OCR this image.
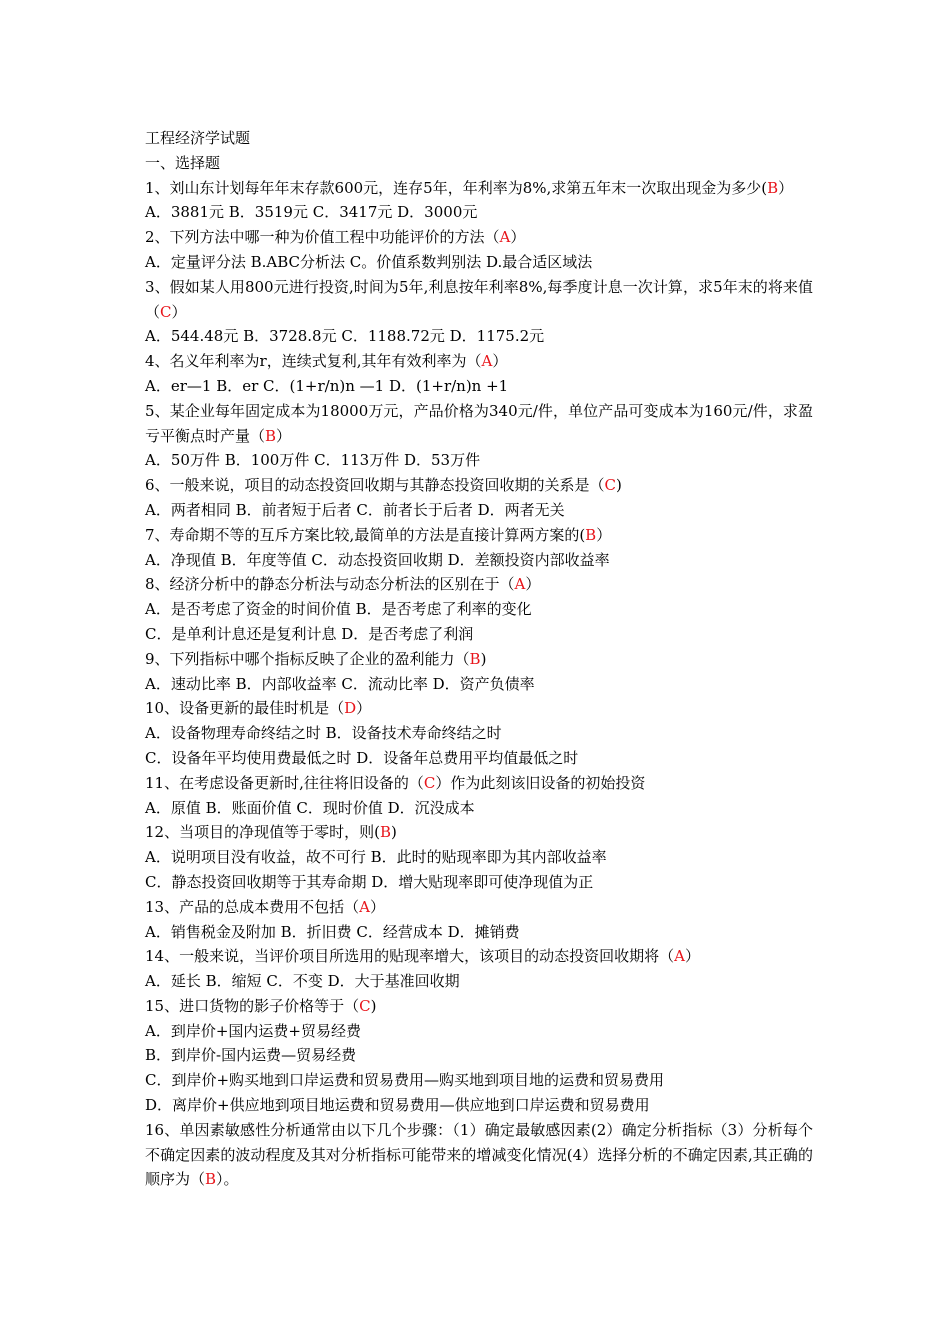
工程经济学试题
一、选择题
1、刘山东计划每年年末存款600元，连存5年，年利率为8%,求第五年末一次取出现金为多少(B）
A．3881元 B．3519元 C．3417元 D．3000元
2、下列方法中哪一种为价值工程中功能评价的方法（A）
A．定量评分法 B.ABC分析法 C。价值系数判别法 D.最合适区域法
3、假如某人用800元进行投资,时间为5年,利息按年利率8%,每季度计息一次计算，求5年末的将来值（C）
A．544.48元 B．3728.8元 C．1188.72元 D．1175.2元
4、名义年利率为r，连续式复利,其年有效利率为（A）
A．er—1 B．er C．(1+r/n)n —1 D．(1+r/n)n +1
5、某企业每年固定成本为18000万元，产品价格为340元/件，单位产品可变成本为160元/件，求盈亏平衡点时产量（B）
A．50万件 B．100万件 C．113万件 D．53万件
6、一般来说，项目的动态投资回收期与其静态投资回收期的关系是（C)
A．两者相同 B．前者短于后者 C．前者长于后者 D．两者无关
7、寿命期不等的互斥方案比较,最简单的方法是直接计算两方案的(B）
A．净现值 B．年度等值 C．动态投资回收期 D．差额投资内部收益率
8、经济分析中的静态分析法与动态分析法的区别在于（A）
A．是否考虑了资金的时间价值 B．是否考虑了利率的变化
C．是单利计息还是复利计息 D．是否考虑了利润
9、下列指标中哪个指标反映了企业的盈利能力（B)
A．速动比率 B．内部收益率 C．流动比率 D．资产负债率
10、设备更新的最佳时机是（D）
A．设备物理寿命终结之时 B．设备技术寿命终结之时
C．设备年平均使用费最低之时 D．设备年总费用平均值最低之时
11、在考虑设备更新时,往往将旧设备的（C）作为此刻该旧设备的初始投资
A．原值 B．账面价值 C．现时价值 D．沉没成本
12、当项目的净现值等于零时，则(B)
A．说明项目没有收益，故不可行 B．此时的贴现率即为其内部收益率
C．静态投资回收期等于其寿命期 D．增大贴现率即可使净现值为正
13、产品的总成本费用不包括（A）
A．销售税金及附加 B．折旧费 C．经营成本 D．摊销费
14、一般来说，当评价项目所选用的贴现率增大，该项目的动态投资回收期将（A）
A．延长 B．缩短 C．不变 D．大于基准回收期
15、进口货物的影子价格等于（C)
A．到岸价+国内运费+贸易经费
B．到岸价-国内运费—贸易经费
C．到岸价+购买地到口岸运费和贸易费用—购买地到项目地的运费和贸易费用
D．离岸价+供应地到项目地运费和贸易费用—供应地到口岸运费和贸易费用
16、单因素敏感性分析通常由以下几个步骤：（1）确定最敏感因素(2）确定分析指标（3）分析每个不确定因素的波动程度及其对分析指标可能带来的增减变化情况(4）选择分析的不确定因素,其正确的顺序为（B）。
